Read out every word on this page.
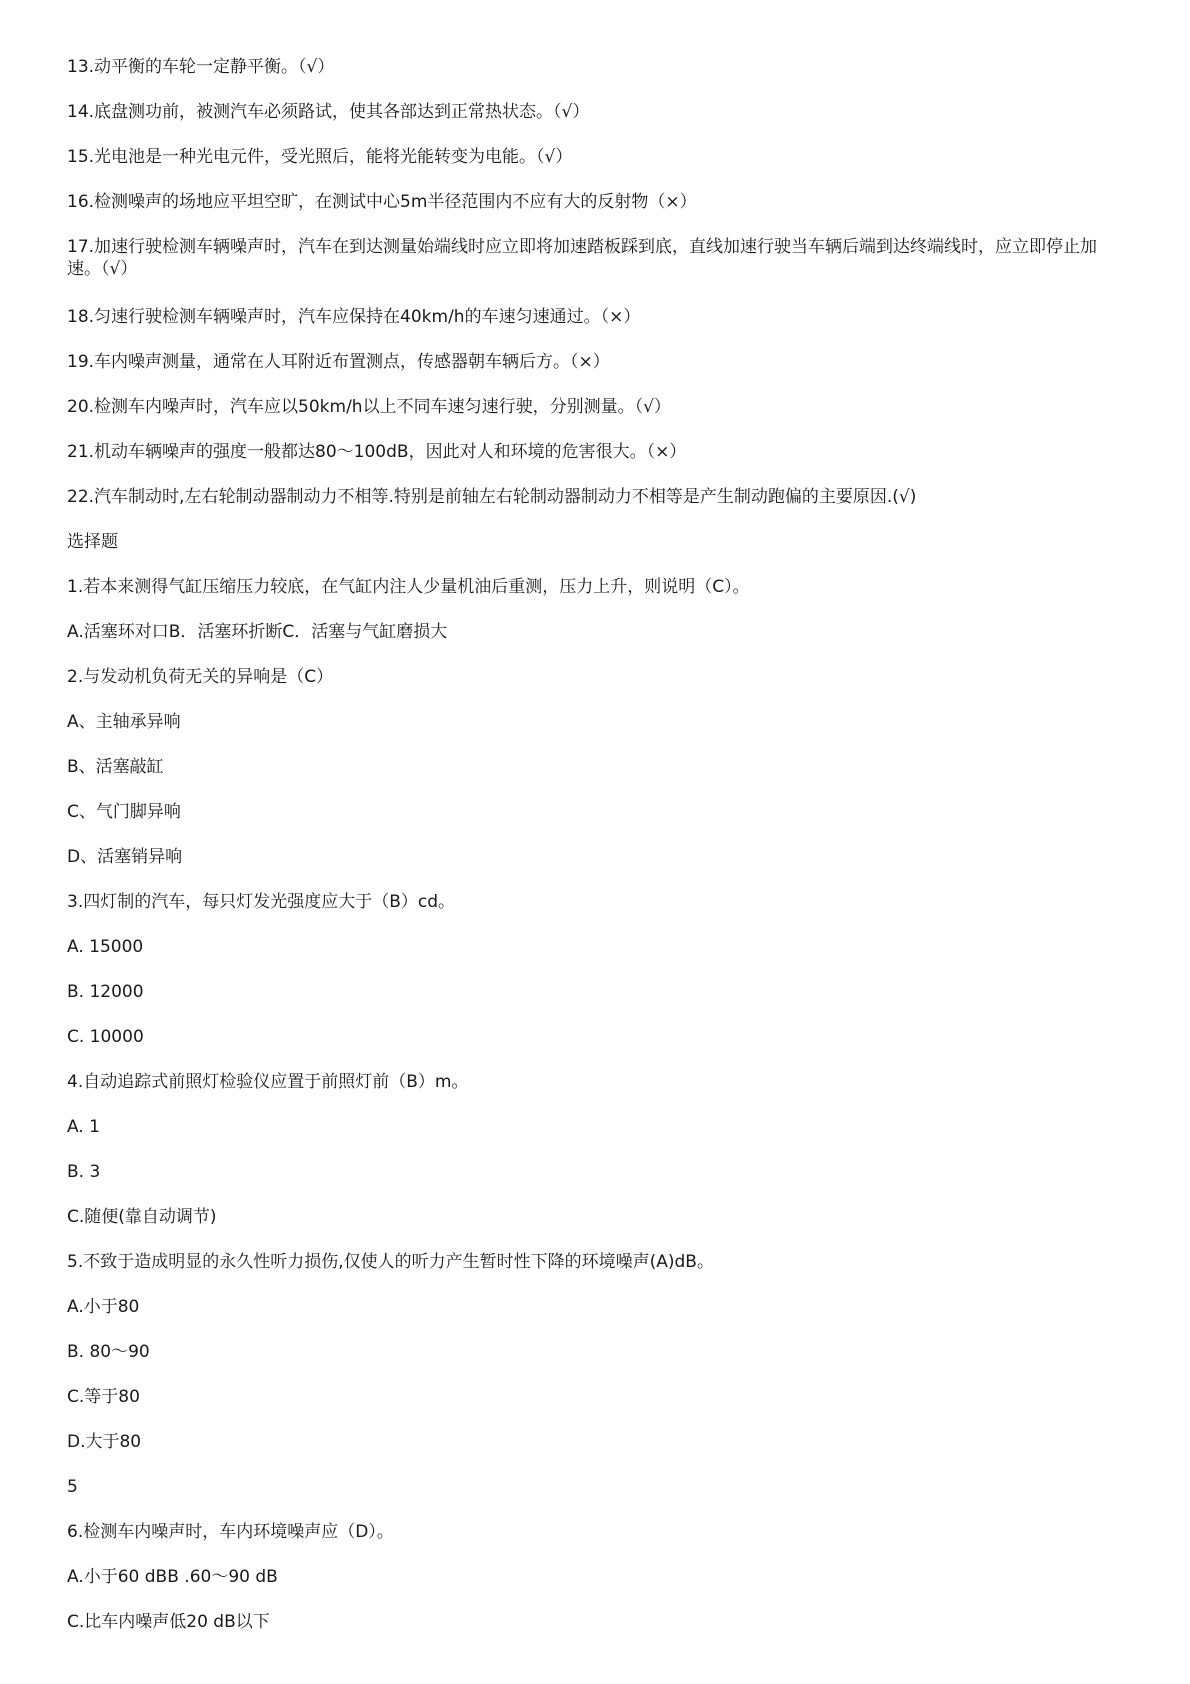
13.动平衡的车轮一定静平衡。（√）
14.底盘测功前，被测汽车必须路试，使其各部达到正常热状态。（√）
15.光电池是一种光电元件，受光照后，能将光能转变为电能。（√）
16.检测噪声的场地应平坦空旷，在测试中心5m半径范围内不应有大的反射物（×）
17.加速行驶检测车辆噪声时，汽车在到达测量始端线时应立即将加速踏板踩到底，直线加速行驶当车辆后端到达终端线时，应立即停止加速。（√）
18.匀速行驶检测车辆噪声时，汽车应保持在40km/h的车速匀速通过。（×）
19.车内噪声测量，通常在人耳附近布置测点，传感器朝车辆后方。（×）
20.检测车内噪声时，汽车应以50km/h以上不同车速匀速行驶，分别测量。（√）
21.机动车辆噪声的强度一般都达80～100dB，因此对人和环境的危害很大。（×）
22.汽车制动时,左右轮制动器制动力不相等.特别是前轴左右轮制动器制动力不相等是产生制动跑偏的主要原因.(√)
选择题
1.若本来测得气缸压缩压力较底，在气缸内注人少量机油后重测，压力上升，则说明（C）。
A.活塞环对口B．活塞环折断C．活塞与气缸磨损大
2.与发动机负荷无关的异响是（C）
A、主轴承异响
B、活塞敲缸
C、气门脚异响
D、活塞销异响
3.四灯制的汽车，每只灯发光强度应大于（B）cd。
A. 15000
B. 12000
C. 10000
4.自动追踪式前照灯检验仪应置于前照灯前（B）m。
A. 1
B. 3
C.随便(靠自动调节)
5.不致于造成明显的永久性听力损伤,仅使人的听力产生暂时性下降的环境噪声(A)dB。
A.小于80
B. 80～90
C.等于80
D.大于80
5
6.检测车内噪声时，车内环境噪声应（D）。
A.小于60 dBB .60～90 dB
C.比车内噪声低20 dB以下
